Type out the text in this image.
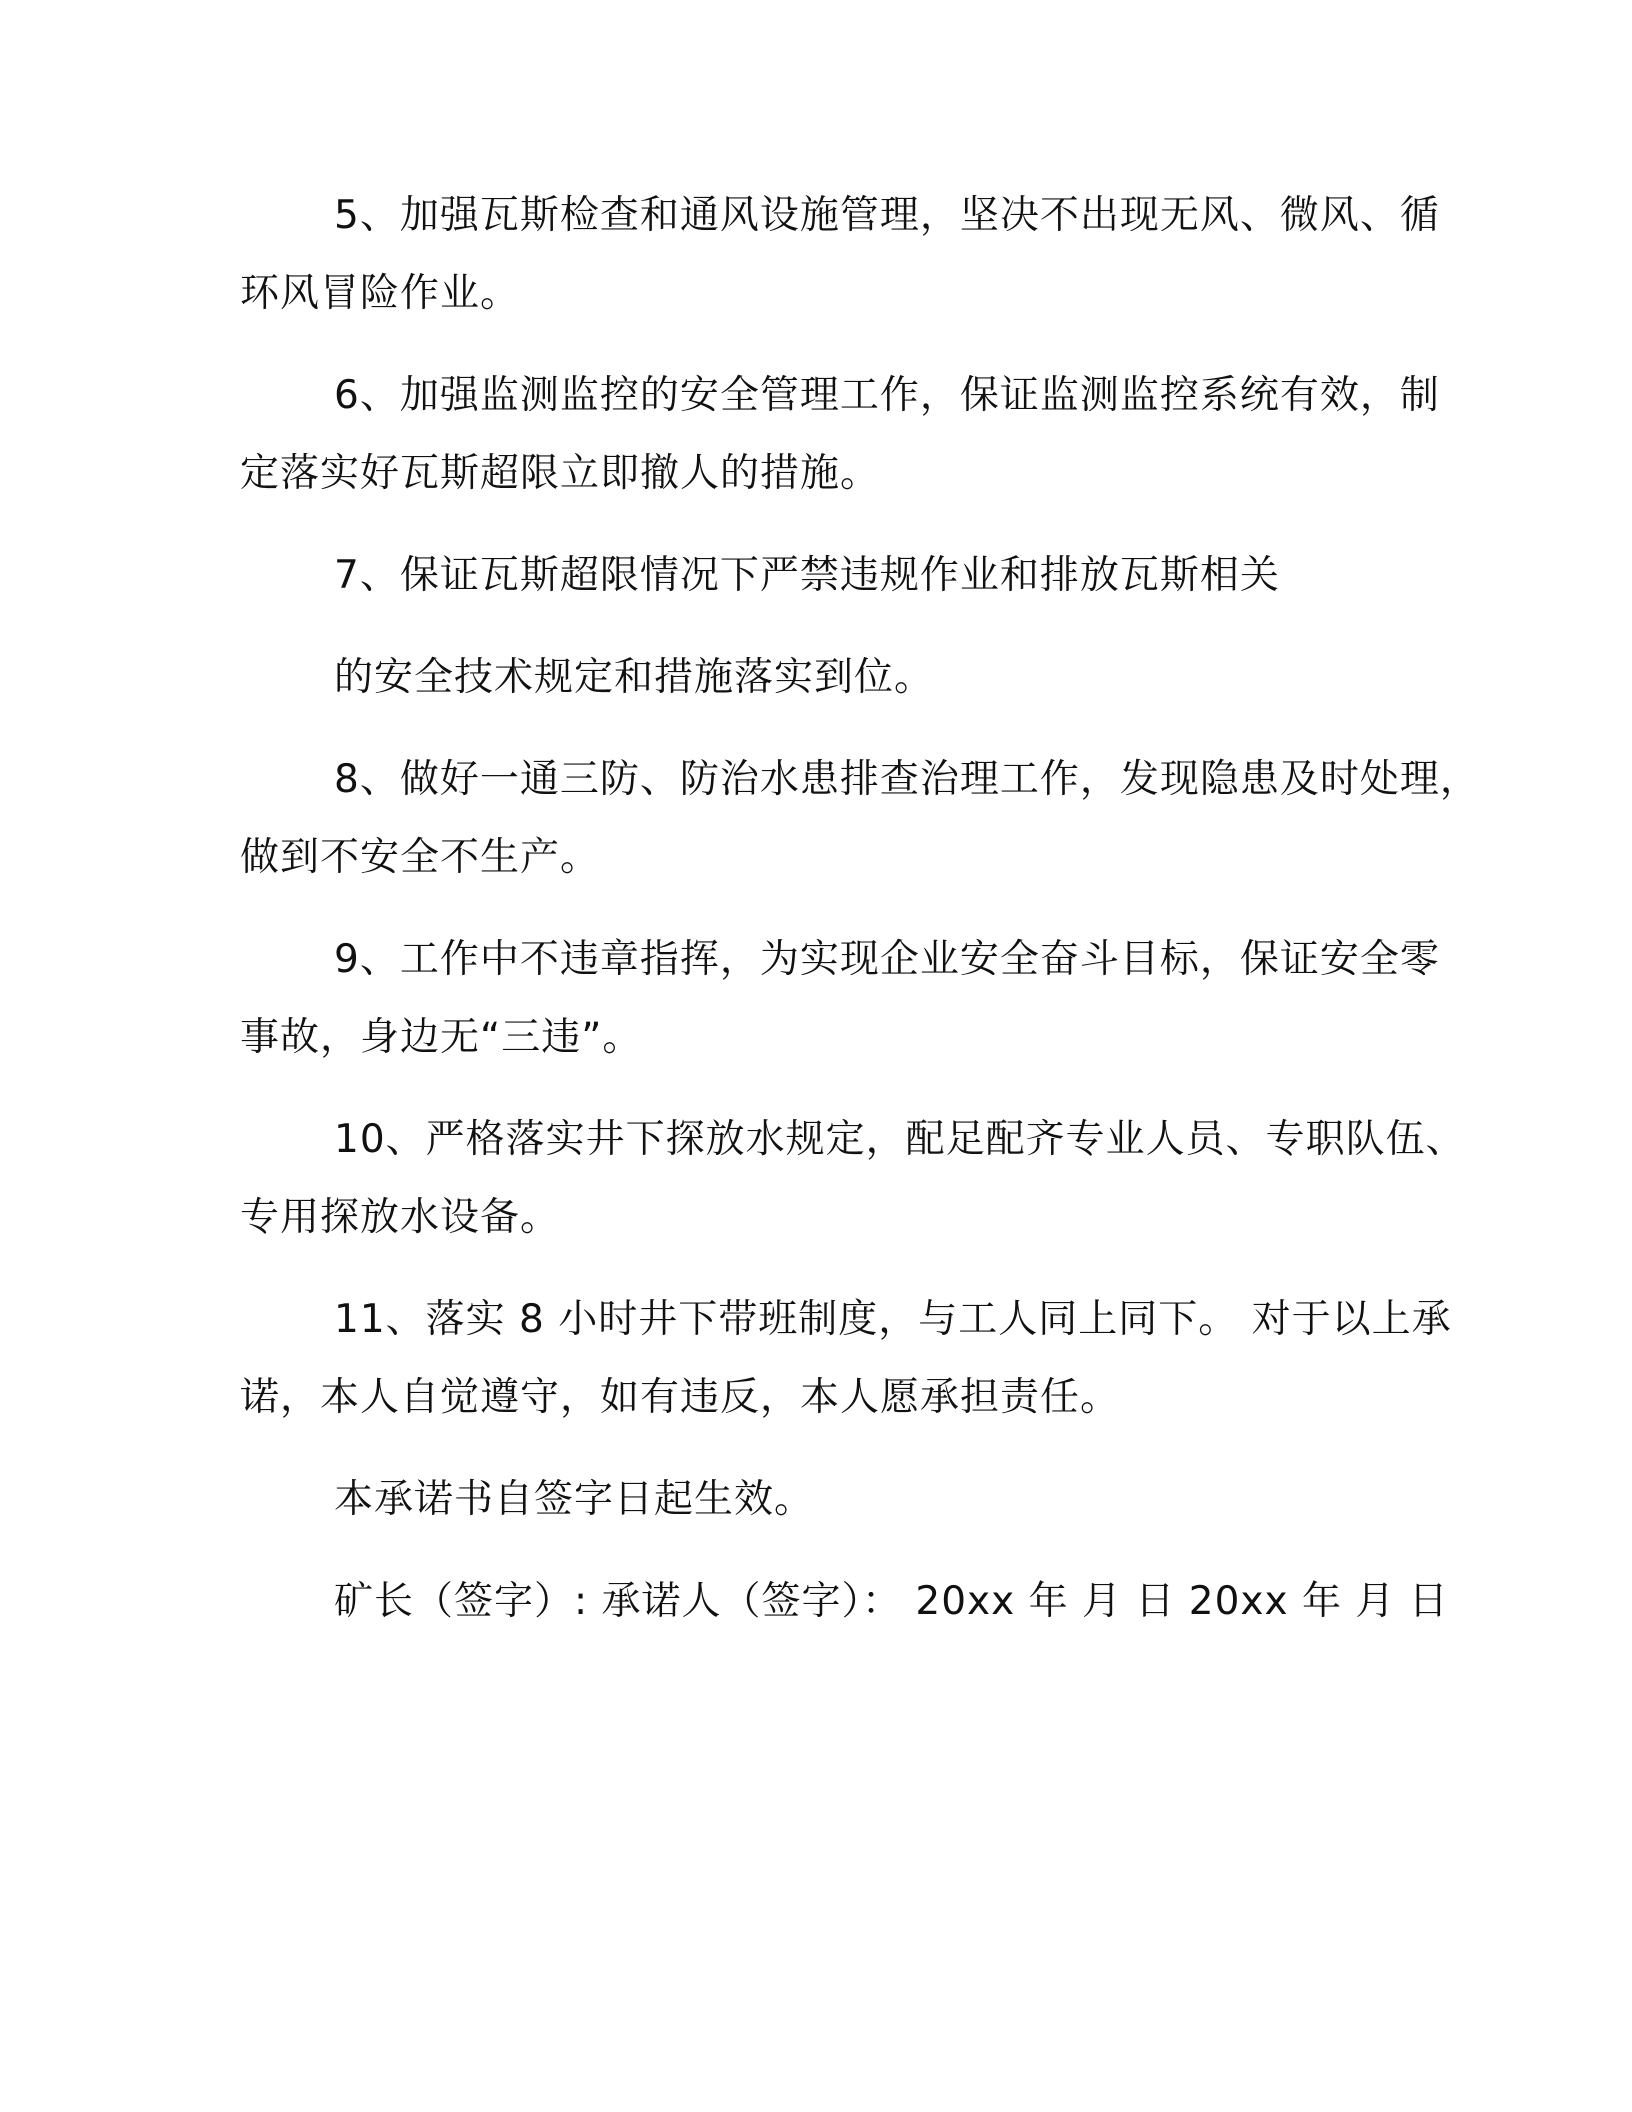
5、加强瓦斯检查和通风设施管理，坚决不出现无风、微风、循
环风冒险作业。
6、加强监测监控的安全管理工作，保证监测监控系统有效，制
定落实好瓦斯超限立即撤人的措施。
7、保证瓦斯超限情况下严禁违规作业和排放瓦斯相关
的安全技术规定和措施落实到位。
8、做好一通三防、防治水患排查治理工作，发现隐患及时处理，
做到不安全不生产。
9、工作中不违章指挥，为实现企业安全奋斗目标，保证安全零
事故，身边无“三违”。
10、严格落实井下探放水规定，配足配齐专业人员、专职队伍、
专用探放水设备。
11、落实 8 小时井下带班制度，与工人同上同下。 对于以上承
诺，本人自觉遵守，如有违反，本人愿承担责任。
本承诺书自签字日起生效。
矿长（签字）: 承诺人（签字）： 20xx 年 月 日 20xx 年 月 日
